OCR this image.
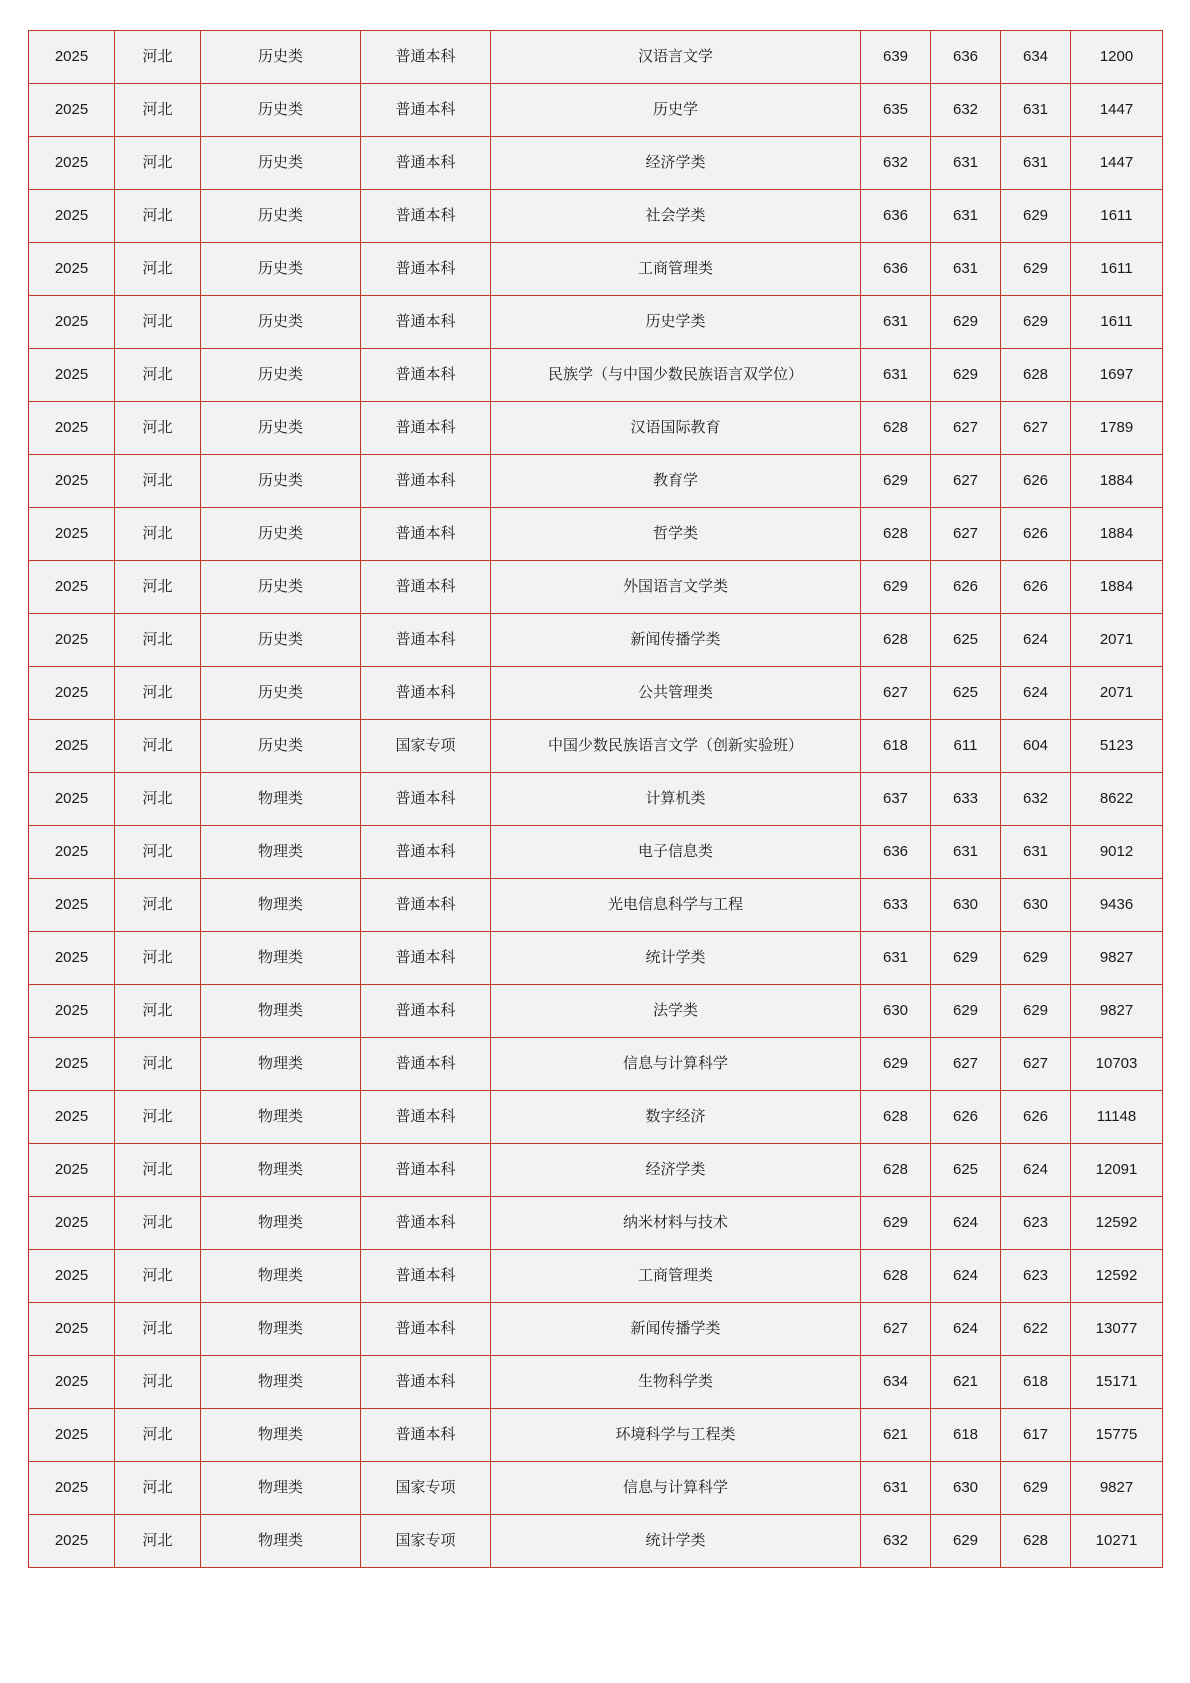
2025	河北	历史类	普通本科	汉语言文学	639	636	634	1200
2025	河北	历史类	普通本科	历史学	635	632	631	1447
2025	河北	历史类	普通本科	经济学类	632	631	631	1447
2025	河北	历史类	普通本科	社会学类	636	631	629	1611
2025	河北	历史类	普通本科	工商管理类	636	631	629	1611
2025	河北	历史类	普通本科	历史学类	631	629	629	1611
2025	河北	历史类	普通本科	民族学（与中国少数民族语言双学位）	631	629	628	1697
2025	河北	历史类	普通本科	汉语国际教育	628	627	627	1789
2025	河北	历史类	普通本科	教育学	629	627	626	1884
2025	河北	历史类	普通本科	哲学类	628	627	626	1884
2025	河北	历史类	普通本科	外国语言文学类	629	626	626	1884
2025	河北	历史类	普通本科	新闻传播学类	628	625	624	2071
2025	河北	历史类	普通本科	公共管理类	627	625	624	2071
2025	河北	历史类	国家专项	中国少数民族语言文学（创新实验班）	618	611	604	5123
2025	河北	物理类	普通本科	计算机类	637	633	632	8622
2025	河北	物理类	普通本科	电子信息类	636	631	631	9012
2025	河北	物理类	普通本科	光电信息科学与工程	633	630	630	9436
2025	河北	物理类	普通本科	统计学类	631	629	629	9827
2025	河北	物理类	普通本科	法学类	630	629	629	9827
2025	河北	物理类	普通本科	信息与计算科学	629	627	627	10703
2025	河北	物理类	普通本科	数字经济	628	626	626	11148
2025	河北	物理类	普通本科	经济学类	628	625	624	12091
2025	河北	物理类	普通本科	纳米材料与技术	629	624	623	12592
2025	河北	物理类	普通本科	工商管理类	628	624	623	12592
2025	河北	物理类	普通本科	新闻传播学类	627	624	622	13077
2025	河北	物理类	普通本科	生物科学类	634	621	618	15171
2025	河北	物理类	普通本科	环境科学与工程类	621	618	617	15775
2025	河北	物理类	国家专项	信息与计算科学	631	630	629	9827
2025	河北	物理类	国家专项	统计学类	632	629	628	10271
